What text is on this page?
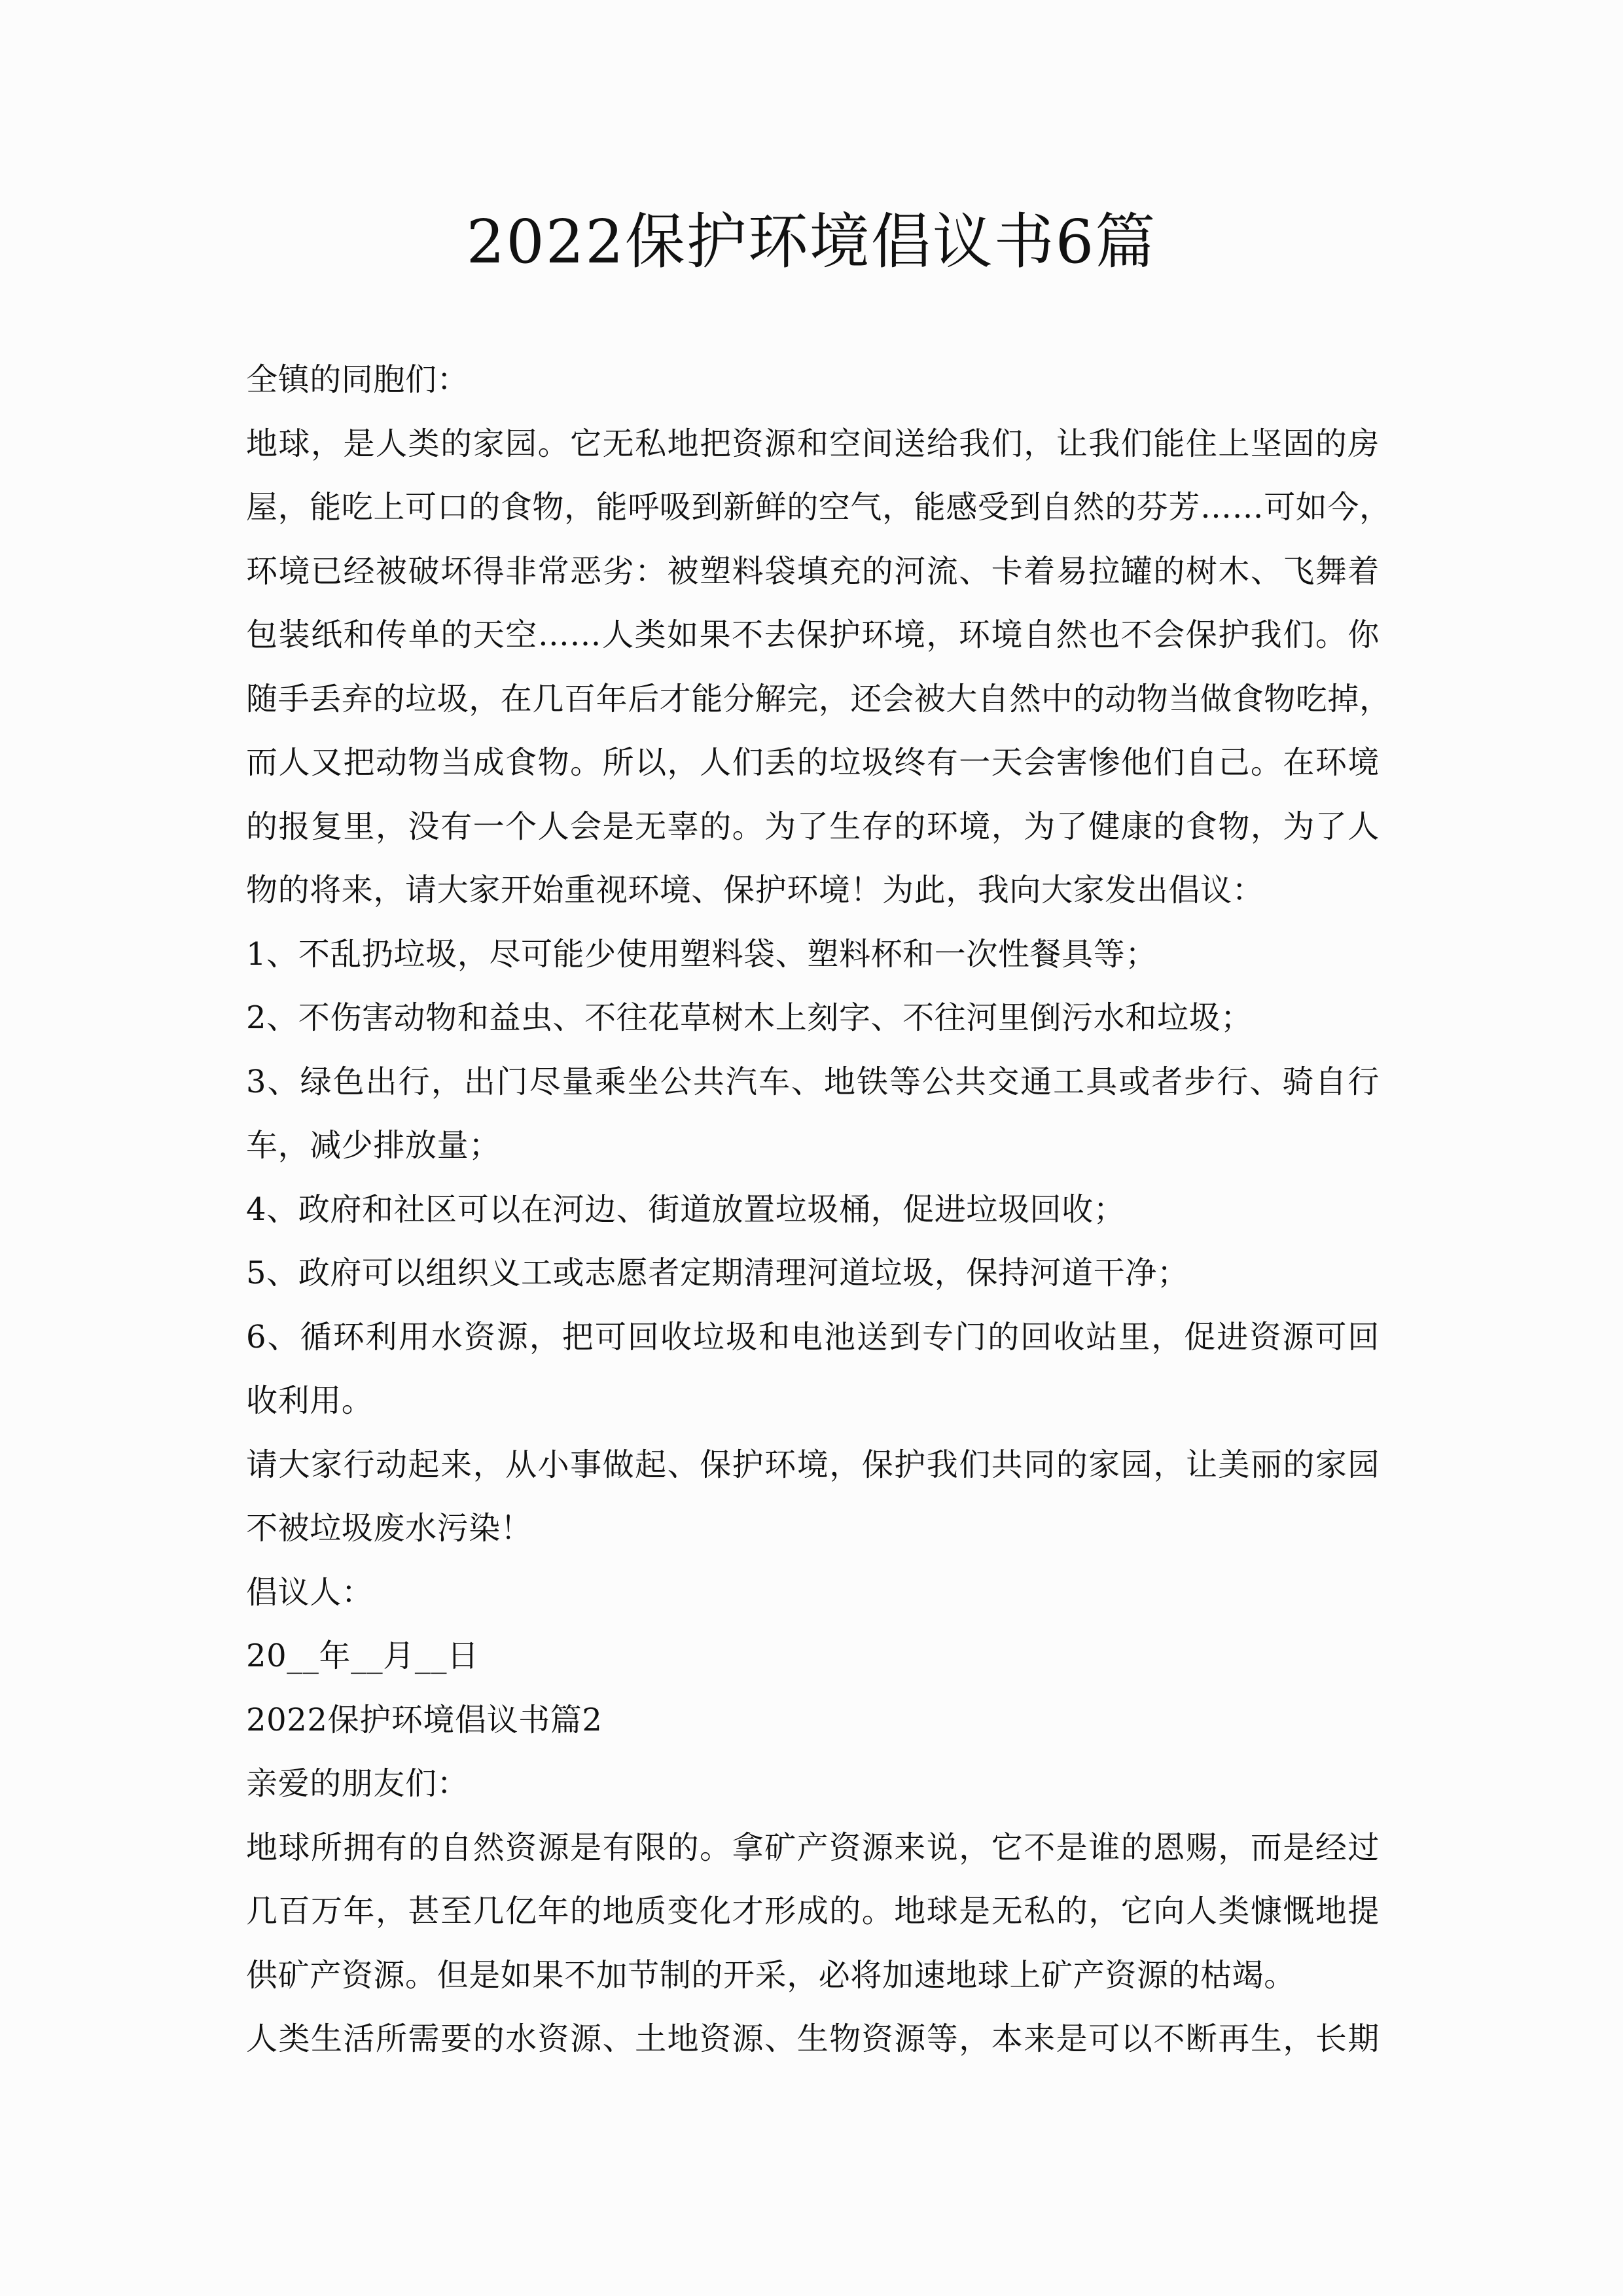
2022保护环境倡议书6篇
全镇的同胞们：
地球，是人类的家园。它无私地把资源和空间送给我们，让我们能住上坚固的房
屋，能吃上可口的食物，能呼吸到新鲜的空气，能感受到自然的芬芳……可如今，
环境已经被破坏得非常恶劣：被塑料袋填充的河流、卡着易拉罐的树木、飞舞着
包装纸和传单的天空……人类如果不去保护环境，环境自然也不会保护我们。你
随手丢弃的垃圾，在几百年后才能分解完，还会被大自然中的动物当做食物吃掉，
而人又把动物当成食物。所以，人们丢的垃圾终有一天会害惨他们自己。在环境
的报复里，没有一个人会是无辜的。为了生存的环境，为了健康的食物，为了人
物的将来，请大家开始重视环境、保护环境！为此，我向大家发出倡议：
1、不乱扔垃圾，尽可能少使用塑料袋、塑料杯和一次性餐具等；
2、不伤害动物和益虫、不往花草树木上刻字、不往河里倒污水和垃圾；
3、绿色出行，出门尽量乘坐公共汽车、地铁等公共交通工具或者步行、骑自行
车，减少排放量；
4、政府和社区可以在河边、街道放置垃圾桶，促进垃圾回收；
5、政府可以组织义工或志愿者定期清理河道垃圾，保持河道干净；
6、循环利用水资源，把可回收垃圾和电池送到专门的回收站里，促进资源可回
收利用。
请大家行动起来，从小事做起、保护环境，保护我们共同的家园，让美丽的家园
不被垃圾废水污染！
倡议人：
20__年__月__日
2022保护环境倡议书篇2
亲爱的朋友们：
地球所拥有的自然资源是有限的。拿矿产资源来说，它不是谁的恩赐，而是经过
几百万年，甚至几亿年的地质变化才形成的。地球是无私的，它向人类慷慨地提
供矿产资源。但是如果不加节制的开采，必将加速地球上矿产资源的枯竭。
人类生活所需要的水资源、土地资源、生物资源等，本来是可以不断再生，长期
